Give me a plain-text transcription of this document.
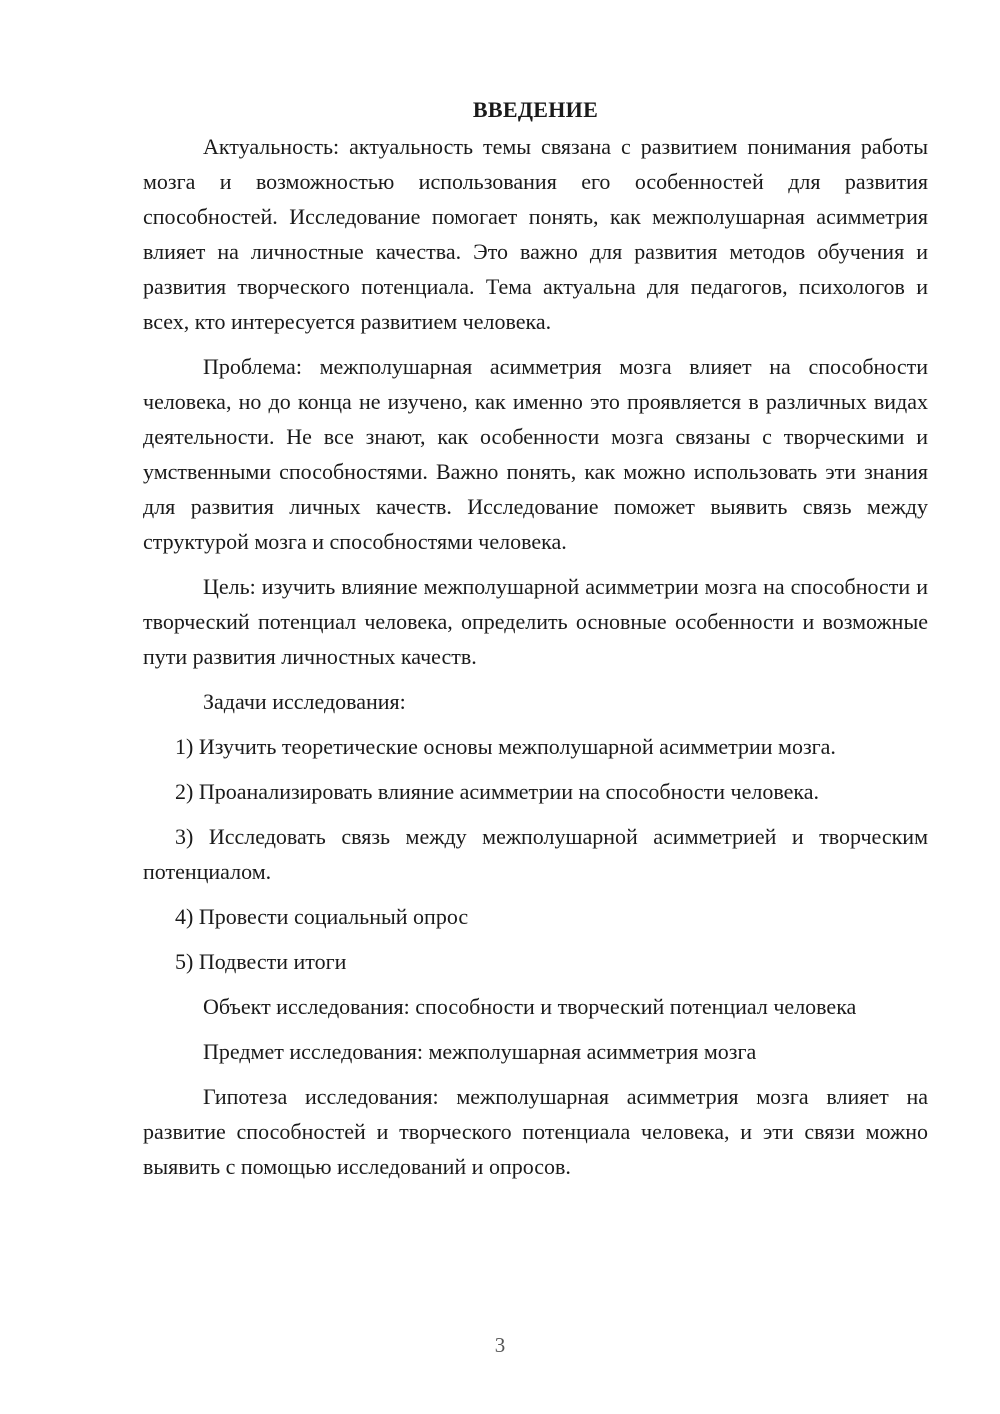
ВВЕДЕНИЕ

Актуальность: актуальность темы связана с развитием понимания работы мозга и возможностью использования его особенностей для развития способностей. Исследование помогает понять, как межполушарная асимметрия влияет на личностные качества. Это важно для развития методов обучения и развития творческого потенциала. Тема актуальна для педагогов, психологов и всех, кто интересуется развитием человека.

Проблема: межполушарная асимметрия мозга влияет на способности человека, но до конца не изучено, как именно это проявляется в различных видах деятельности. Не все знают, как особенности мозга связаны с творческими и умственными способностями. Важно понять, как можно использовать эти знания для развития личных качеств. Исследование поможет выявить связь между структурой мозга и способностями человека.

Цель: изучить влияние межполушарной асимметрии мозга на способности и творческий потенциал человека, определить основные особенности и возможные пути развития личностных качеств.

Задачи исследования:

1) Изучить теоретические основы межполушарной асимметрии мозга.

2) Проанализировать влияние асимметрии на способности человека.

3) Исследовать связь между межполушарной асимметрией и творческим потенциалом.

4) Провести социальный опрос

5) Подвести итоги

Объект исследования: способности и творческий потенциал человека

Предмет исследования: межполушарная асимметрия мозга

Гипотеза исследования: межполушарная асимметрия мозга влияет на развитие способностей и творческого потенциала человека, и эти связи можно выявить с помощью исследований и опросов.

3
